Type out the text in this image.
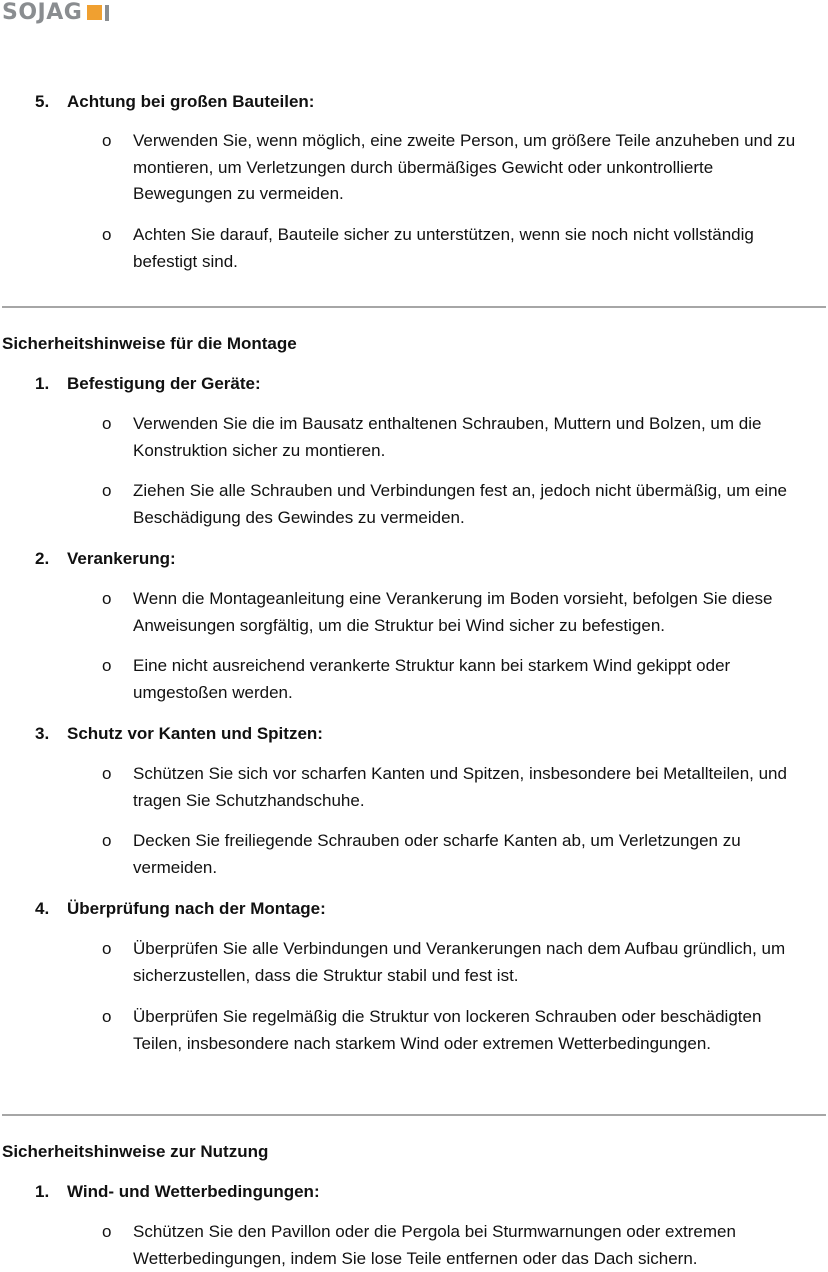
SOJAG
5. Achtung bei großen Bauteilen:
o Verwenden Sie, wenn möglich, eine zweite Person, um größere Teile anzuheben und zu montieren, um Verletzungen durch übermäßiges Gewicht oder unkontrollierte Bewegungen zu vermeiden.
o Achten Sie darauf, Bauteile sicher zu unterstützen, wenn sie noch nicht vollständig befestigt sind.
Sicherheitshinweise für die Montage
1. Befestigung der Geräte:
o Verwenden Sie die im Bausatz enthaltenen Schrauben, Muttern und Bolzen, um die Konstruktion sicher zu montieren.
o Ziehen Sie alle Schrauben und Verbindungen fest an, jedoch nicht übermäßig, um eine Beschädigung des Gewindes zu vermeiden.
2. Verankerung:
o Wenn die Montageanleitung eine Verankerung im Boden vorsieht, befolgen Sie diese Anweisungen sorgfältig, um die Struktur bei Wind sicher zu befestigen.
o Eine nicht ausreichend verankerte Struktur kann bei starkem Wind gekippt oder umgestoßen werden.
3. Schutz vor Kanten und Spitzen:
o Schützen Sie sich vor scharfen Kanten und Spitzen, insbesondere bei Metallteilen, und tragen Sie Schutzhandschuhe.
o Decken Sie freiliegende Schrauben oder scharfe Kanten ab, um Verletzungen zu vermeiden.
4. Überprüfung nach der Montage:
o Überprüfen Sie alle Verbindungen und Verankerungen nach dem Aufbau gründlich, um sicherzustellen, dass die Struktur stabil und fest ist.
o Überprüfen Sie regelmäßig die Struktur von lockeren Schrauben oder beschädigten Teilen, insbesondere nach starkem Wind oder extremen Wetterbedingungen.
Sicherheitshinweise zur Nutzung
1. Wind- und Wetterbedingungen:
o Schützen Sie den Pavillon oder die Pergola bei Sturmwarnungen oder extremen Wetterbedingungen, indem Sie lose Teile entfernen oder das Dach sichern.
